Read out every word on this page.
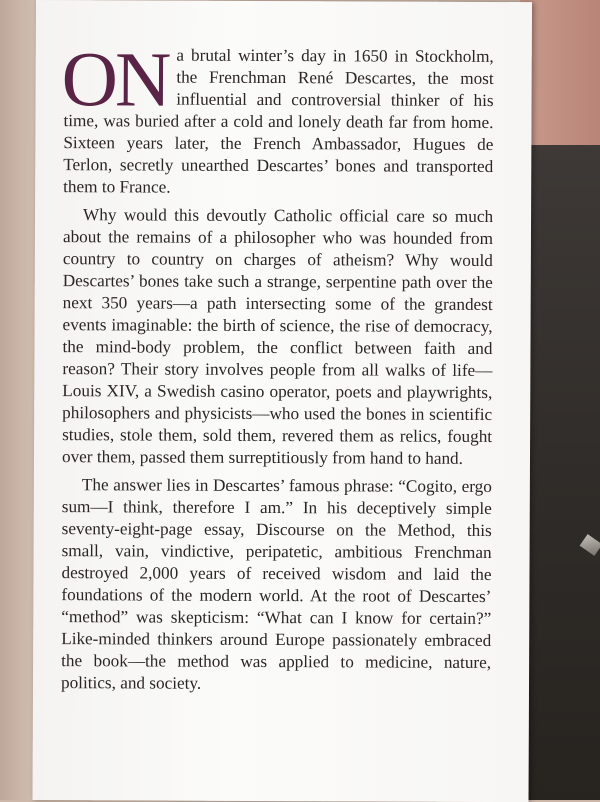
ON a brutal winter’s day in 1650 in Stockholm, the Frenchman René Descartes, the most influential and controversial thinker of his time, was buried after a cold and lonely death far from home. Sixteen years later, the French Ambassador, Hugues de Terlon, secretly unearthed Descartes’ bones and transported them to France.

Why would this devoutly Catholic official care so much about the remains of a philosopher who was hounded from country to country on charges of atheism? Why would Descartes’ bones take such a strange, serpentine path over the next 350 years—a path intersecting some of the grandest events imaginable: the birth of science, the rise of democracy, the mind-body problem, the conflict between faith and reason? Their story involves people from all walks of life—Louis XIV, a Swedish casino operator, poets and playwrights, philosophers and physicists—who used the bones in scientific studies, stole them, sold them, revered them as relics, fought over them, passed them surreptitiously from hand to hand.

The answer lies in Descartes’ famous phrase: “Cogito, ergo sum—I think, therefore I am.” In his deceptively simple seventy-eight-page essay, Discourse on the Method, this small, vain, vindictive, peripatetic, ambitious Frenchman destroyed 2,000 years of received wisdom and laid the foundations of the modern world. At the root of Descartes’ “method” was skepticism: “What can I know for certain?” Like-minded thinkers around Europe passionately embraced the book—the method was applied to medicine, nature, politics, and society.
